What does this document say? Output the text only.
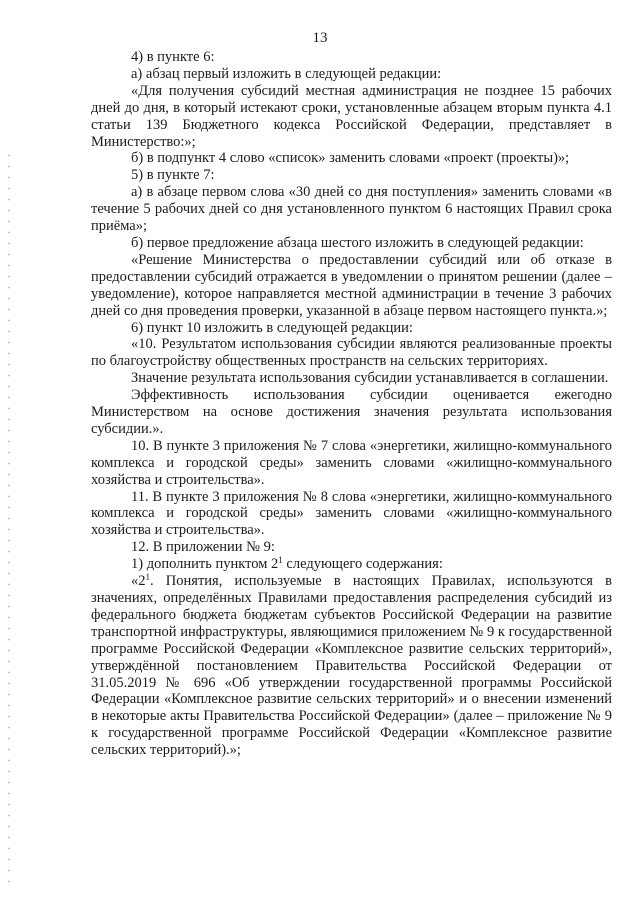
13

4) в пункте 6:

а) абзац первый изложить в следующей редакции:

«Для получения субсидий местная администрация не позднее 15 рабочих дней до дня, в который истекают сроки, установленные абзацем вторым пункта 4.1 статьи 139 Бюджетного кодекса Российской Федерации, представляет в Министерство:»;

б) в подпункт 4 слово «список» заменить словами «проект (проекты)»;

5) в пункте 7:

а) в абзаце первом слова «30 дней со дня поступления» заменить словами «в течение 5 рабочих дней со дня установленного пунктом 6 настоящих Правил срока приёма»;

б) первое предложение абзаца шестого изложить в следующей редакции:

«Решение Министерства о предоставлении субсидий или об отказе в предоставлении субсидий отражается в уведомлении о принятом решении (далее – уведомление), которое направляется местной администрации в течение 3 рабочих дней со дня проведения проверки, указанной в абзаце первом настоящего пункта.»;

6) пункт 10 изложить в следующей редакции:

«10. Результатом использования субсидии являются реализованные проекты по благоустройству общественных пространств на сельских территориях.

Значение результата использования субсидии устанавливается в соглашении.

Эффективность использования субсидии оценивается ежегодно Министерством на основе достижения значения результата использования субсидии.».

10. В пункте 3 приложения № 7 слова «энергетики, жилищно-коммунального комплекса и городской среды» заменить словами «жилищно-коммунального хозяйства и строительства».

11. В пункте 3 приложения № 8 слова «энергетики, жилищно-коммунального комплекса и городской среды» заменить словами «жилищно-коммунального хозяйства и строительства».

12. В приложении № 9:

1) дополнить пунктом $2^1$ следующего содержания:

«$2^1$. Понятия, используемые в настоящих Правилах, используются в значениях, определённых Правилами предоставления распределения субсидий из федерального бюджета бюджетам субъектов Российской Федерации на развитие транспортной инфраструктуры, являющимися приложением № 9 к государственной программе Российской Федерации «Комплексное развитие сельских территорий», утверждённой постановлением Правительства Российской Федерации от 31.05.2019 № 696 «Об утверждении государственной программы Российской Федерации «Комплексное развитие сельских территорий» и о внесении изменений в некоторые акты Правительства Российской Федерации» (далее – приложение № 9 к государственной программе Российской Федерации «Комплексное развитие сельских территорий).»;
